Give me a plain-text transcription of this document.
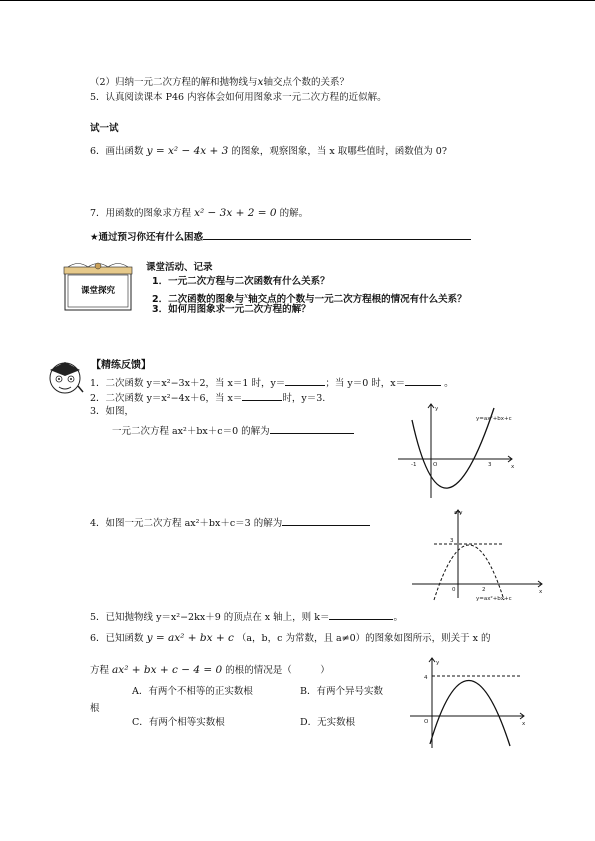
（2）归纳一元二次方程的解和抛物线与x轴交点个数的关系？
5．认真阅读课本 P46 内容体会如何用图象求一元二次方程的近似解。
试一试
6．画出函数 y = x² − 4x + 3 的图象，观察图象，当 x 取哪些值时，函数值为 0?
7．用函数的图象求方程 x² − 3x + 2 = 0 的解。
★通过预习你还有什么困惑
课堂探究
课堂活动、记录
1．一元二次方程与二次函数有什么关系？
2．二次函数的图象与$^x$轴交点的个数与一元二次方程根的情况有什么关系？
3．如何用图象求一元二次方程的解？
【精练反馈】
1．二次函数 y＝x²−3x＋2，当 x＝1 时，y＝	；当 y＝0 时，x＝	。
2．二次函数 y＝x²−4x＋6，当 x＝	时，y＝3.
3．如图，
一元二次方程 ax²＋bx＋c＝0 的解为
y
x
y=ax²+bx+c
-1	O	3
4．如图一元二次方程 ax²＋bx＋c＝3 的解为
a-y
3
0	2	x
y=ax²+bx+c
5．已知抛物线 y＝x²−2kx＋9 的顶点在 x 轴上，则 k＝	。
6．已知函数 y = ax² + bx + c （a，b，c 为常数，且 a≠0）的图象如图所示，则关于 x 的
方程 ax² + bx + c − 4 = 0 的根的情况是（　　　）
A．有两个不相等的正实数根	B．有两个异号实数
根
C．有两个相等实数根	D．无实数根
y
4
O	x
